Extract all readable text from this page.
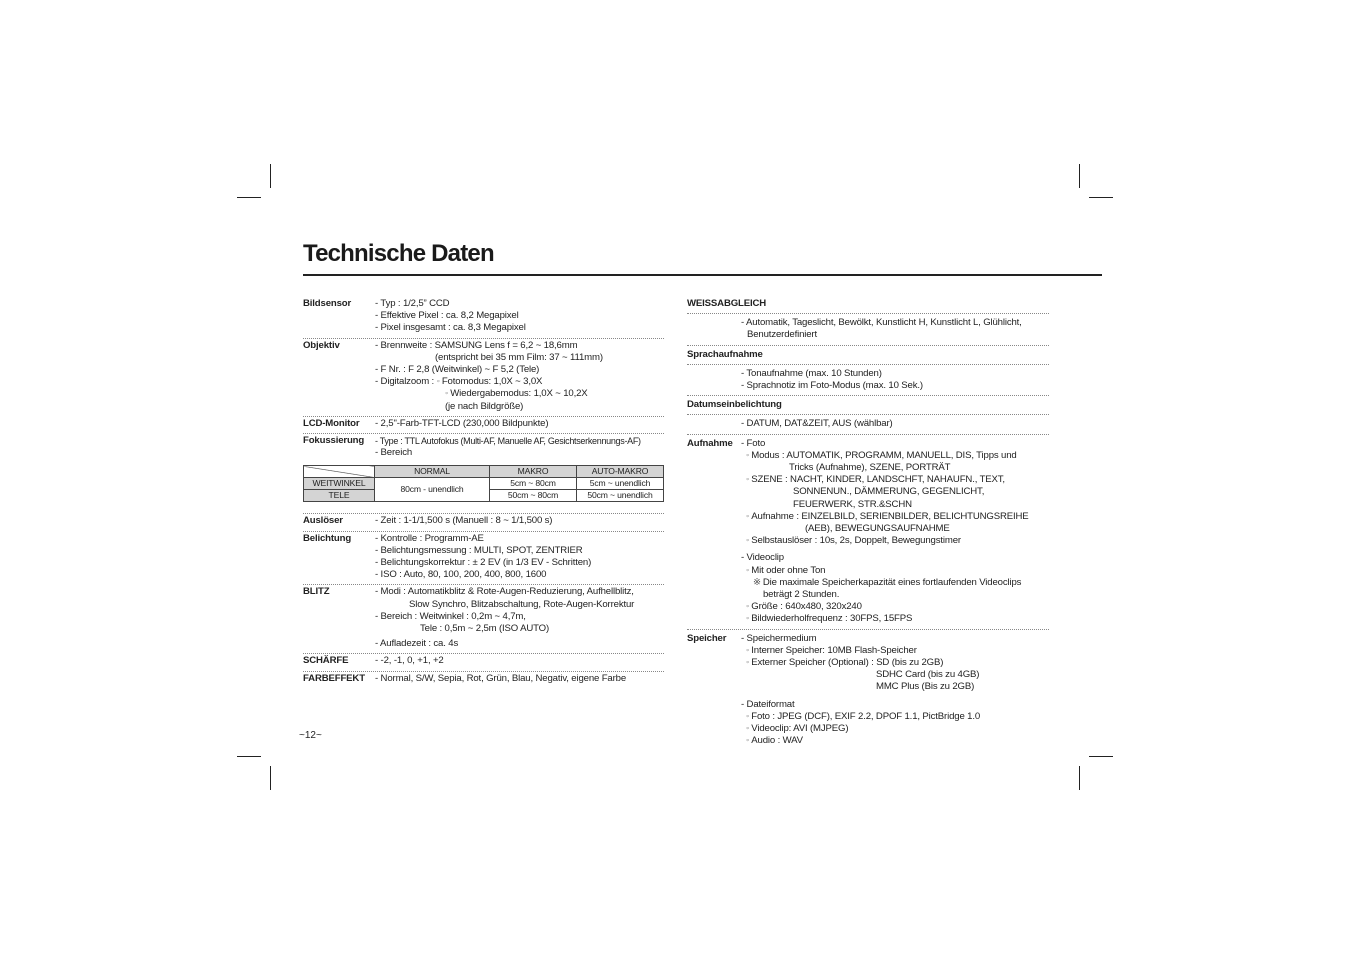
Technische Daten
Bildsensor	- Typ : 1/2,5” CCD
- Effektive Pixel : ca. 8,2 Megapixel
- Pixel insgesamt : ca. 8,3 Megapixel
Objektiv	- Brennweite : SAMSUNG Lens f = 6,2 ~ 18,6mm
(entspricht bei 35 mm Film: 37 ~ 111mm)
- F Nr. : F 2,8 (Weitwinkel) ~ F 5,2 (Tele)
- Digitalzoom : ◦ Fotomodus: 1,0X ~ 3,0X
◦ Wiedergabemodus: 1,0X ~ 10,2X
(je nach Bildgröße)
LCD-Monitor	- 2,5"-Farb-TFT-LCD (230,000 Bildpunkte)
Fokussierung	- Type : TTL Autofokus (Multi-AF, Manuelle AF, Gesichtserkennungs-AF)
- Bereich
	NORMAL	MAKRO	AUTO-MAKRO
WEITWINKEL	80cm - unendlich	5cm ~ 80cm	5cm ~ unendlich
TELE		50cm ~ 80cm	50cm ~ unendlich
Auslöser	- Zeit : 1-1/1,500 s (Manuell : 8 ~ 1/1,500 s)
Belichtung	- Kontrolle : Programm-AE
- Belichtungsmessung : MULTI, SPOT, ZENTRIER
- Belichtungskorrektur : ± 2 EV (in 1/3 EV - Schritten)
- ISO : Auto, 80, 100, 200, 400, 800, 1600
BLITZ	- Modi : Automatikblitz & Rote-Augen-Reduzierung, Aufhellblitz,
Slow Synchro, Blitzabschaltung, Rote-Augen-Korrektur
- Bereich : Weitwinkel : 0,2m ~ 4,7m,
Tele : 0,5m ~ 2,5m (ISO AUTO)
- Aufladezeit : ca. 4s
SCHÄRFE	- -2, -1, 0, +1, +2
FARBEFFEKT	- Normal, S/W, Sepia, Rot, Grün, Blau, Negativ, eigene Farbe
WEISSABGLEICH
- Automatik, Tageslicht, Bewölkt, Kunstlicht H, Kunstlicht L, Glühlicht,
Benutzerdefiniert
Sprachaufnahme
- Tonaufnahme (max. 10 Stunden)
- Sprachnotiz im Foto-Modus (max. 10 Sek.)
Datumseinbelichtung
- DATUM, DAT&ZEIT, AUS (wählbar)
Aufnahme - Foto
◦ Modus : AUTOMATIK, PROGRAMM, MANUELL, DIS, Tipps und
Tricks (Aufnahme), SZENE, PORTRÄT
◦ SZENE : NACHT, KINDER, LANDSCHFT, NAHAUFN., TEXT,
SONNENUN., DÄMMERUNG, GEGENLICHT,
FEUERWERK, STR.&SCHN
◦ Aufnahme : EINZELBILD, SERIENBILDER, BELICHTUNGSREIHE
(AEB), BEWEGUNGSAUFNAHME
◦ Selbstauslöser : 10s, 2s, Doppelt, Bewegungstimer
- Videoclip
◦ Mit oder ohne Ton
※ Die maximale Speicherkapazität eines fortlaufenden Videoclips
beträgt 2 Stunden.
◦ Größe : 640x480, 320x240
◦ Bildwiederholfrequenz : 30FPS, 15FPS
Speicher	- Speichermedium
◦ Interner Speicher: 10MB Flash-Speicher
◦ Externer Speicher (Optional) : SD (bis zu 2GB)
SDHC Card (bis zu 4GB)
MMC Plus (Bis zu 2GB)
- Dateiformat
◦ Foto : JPEG (DCF), EXIF 2.2, DPOF 1.1, PictBridge 1.0
◦ Videoclip: AVI (MJPEG)
◦ Audio : WAV
~12~
